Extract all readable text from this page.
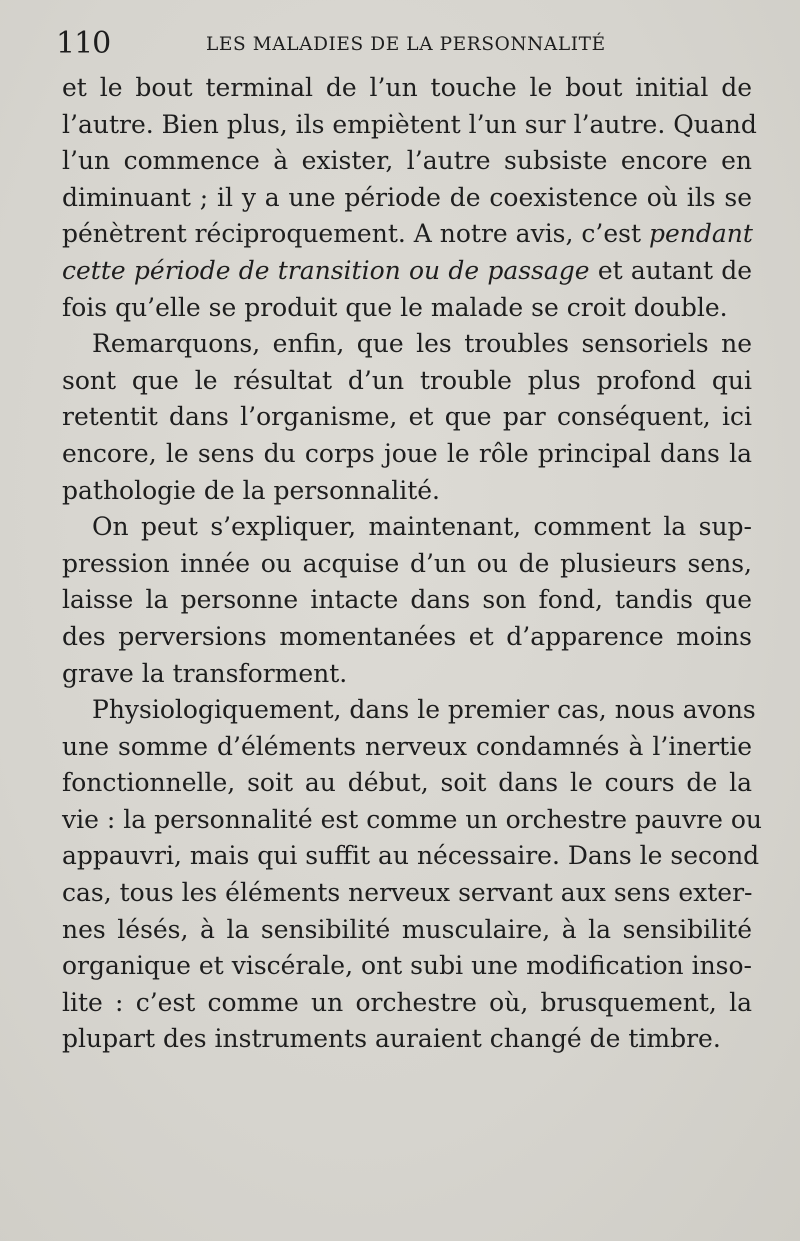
110	LES MALADIES DE LA PERSONNALITÉ
et le bout terminal de l’un touche le bout initial de
l’autre. Bien plus, ils empiètent l’un sur l’autre. Quand
l’un commence à exister, l’autre subsiste encore en
diminuant ; il y a une période de coexistence où ils se
pénètrent réciproquement. A notre avis, c’est pendant
cette période de transition ou de passage et autant de
fois qu’elle se produit que le malade se croit double.
Remarquons, enfin, que les troubles sensoriels ne
sont que le résultat d’un trouble plus profond qui
retentit dans l’organisme, et que par conséquent, ici
encore, le sens du corps joue le rôle principal dans la
pathologie de la personnalité.
On peut s’expliquer, maintenant, comment la sup-
pression innée ou acquise d’un ou de plusieurs sens,
laisse la personne intacte dans son fond, tandis que
des perversions momentanées et d’apparence moins
grave la transforment.
Physiologiquement, dans le premier cas, nous avons
une somme d’éléments nerveux condamnés à l’inertie
fonctionnelle, soit au début, soit dans le cours de la
vie : la personnalité est comme un orchestre pauvre ou
appauvri, mais qui suffit au nécessaire. Dans le second
cas, tous les éléments nerveux servant aux sens exter-
nes lésés, à la sensibilité musculaire, à la sensibilité
organique et viscérale, ont subi une modification inso-
lite : c’est comme un orchestre où, brusquement, la
plupart des instruments auraient changé de timbre.
